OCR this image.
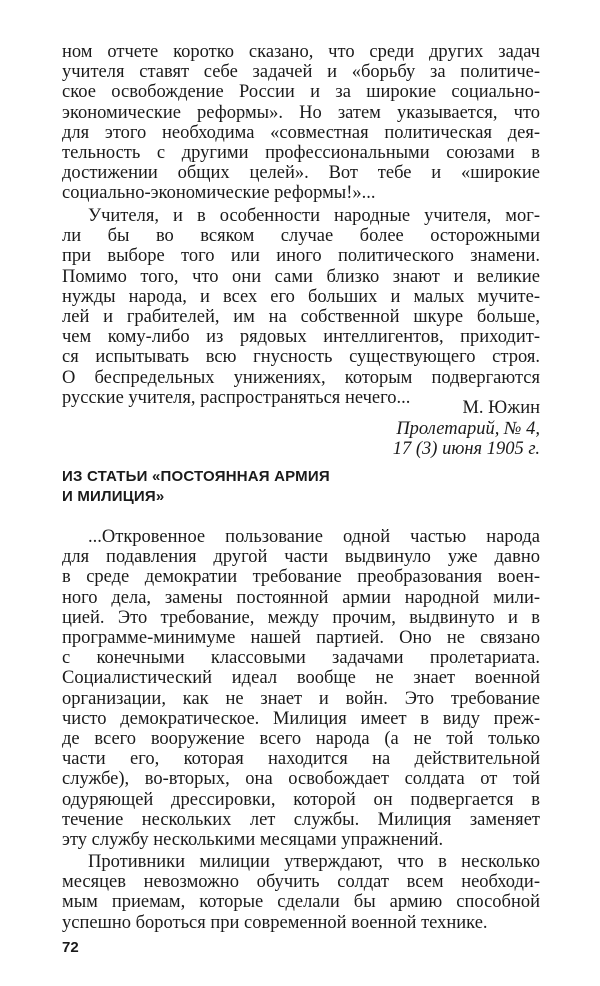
ном отчете коротко сказано, что среди других задач

учителя ставят себе задачей и «борьбу за политиче-

ское освобождение России и за широкие социально-

экономические реформы». Но затем указывается, что

для этого необходима «совместная политическая дея-

тельность с другими профессиональными союзами в

достижении общих целей». Вот тебе и «широкие

социально-экономические реформы!»...

Учителя, и в особенности народные учителя, мог-

ли бы во всяком случае более осторожными

при выборе того или иного политического знамени.

Помимо того, что они сами близко знают и великие

нужды народа, и всех его больших и малых мучите-

лей и грабителей, им на собственной шкуре больше,

чем кому-либо из рядовых интеллигентов, приходит-

ся испытывать всю гнусность существующего строя.

О беспредельных унижениях, которым подвергаются

русские учителя, распространяться нечего...

М. Южин
Пролетарий, № 4,
17 (3) июня 1905 г.
ИЗ СТАТЬИ «ПОСТОЯННАЯ АРМИЯ
И МИЛИЦИЯ»

...Откровенное пользование одной частью народа

для подавления другой части выдвинуло уже давно

в среде демократии требование преобразования воен-

ного дела, замены постоянной армии народной мили-

цией. Это требование, между прочим, выдвинуто и в

программе-минимуме нашей партией. Оно не связано

с конечными классовыми задачами пролетариата.

Социалистический идеал вообще не знает военной

организации, как не знает и войн. Это требование

чисто демократическое. Милиция имеет в виду преж-

де всего вооружение всего народа (а не той только

части его, которая находится на действительной

службе), во-вторых, она освобождает солдата от той

одуряющей дрессировки, которой он подвергается в

течение нескольких лет службы. Милиция заменяет

эту службу несколькими месяцами упражнений.

Противники милиции утверждают, что в несколько

месяцев невозможно обучить солдат всем необходи-

мым приемам, которые сделали бы армию способной

успешно бороться при современной военной технике.

72
